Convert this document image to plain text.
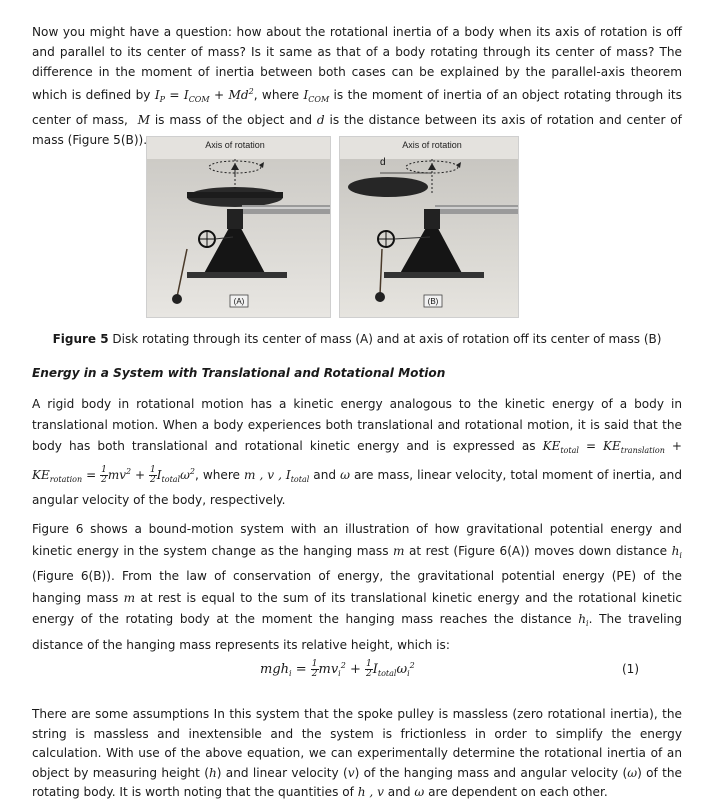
Now you might have a question: how about the rotational inertia of a body when its axis of rotation is off and parallel to its center of mass? Is it same as that of a body rotating through its center of mass? The difference in the moment of inertia between both cases can be explained by the parallel-axis theorem which is defined by $I_P = I_{COM} + Md^2$, where $I_{COM}$ is the moment of inertia of an object rotating through its center of mass,  M is mass of the object and d is the distance between its axis of rotation and center of mass (Figure 5(B)).	Axis of rotation
(A)
Axis of rotation
d
(B)
Figure 5 Disk rotating through its center of mass (A) and at axis of rotation off its center of mass (B)
Energy in a System with Translational and Rotational Motion

A rigid body in rotational motion has a kinetic energy analogous to the kinetic energy of a body in translational motion. When a body experiences both translational and rotational motion, it is said that the body has both translational and rotational kinetic energy and is expressed as $KE_{total} = KE_{translation} + KE_{rotation} = \frac{1}{2} mv^2 + \frac{1}{2} I_{total}\omega^2$, where m , v , $I_{total}$ and ω are mass, linear velocity, total moment of inertia, and angular velocity of the body, respectively.

Figure 6 shows a bound-motion system with an illustration of how gravitational potential energy and kinetic energy in the system change as the hanging mass m at rest (Figure 6(A)) moves down distance $h_i$ (Figure 6(B)). From the law of conservation of energy, the gravitational potential energy (PE) of the hanging mass m at rest is equal to the sum of its translational kinetic energy and the rotational kinetic energy of the rotating body at the moment the hanging mass reaches the distance $h_i$. The traveling distance of the hanging mass represents its relative height, which is:

$mgh_i = \frac{1}{2} mv_i^2 + \frac{1}{2} I_{total}\omega_i^2$	(1)

There are some assumptions In this system that the spoke pulley is massless (zero rotational inertia), the string is massless and inextensible and the system is frictionless in order to simplify the energy calculation. With use of the above equation, we can experimentally determine the rotational inertia of an object by measuring height (h) and linear velocity (v) of the hanging mass and angular velocity (ω) of the rotating body. It is worth noting that the quantities of h , v and ω are dependent on each other.
